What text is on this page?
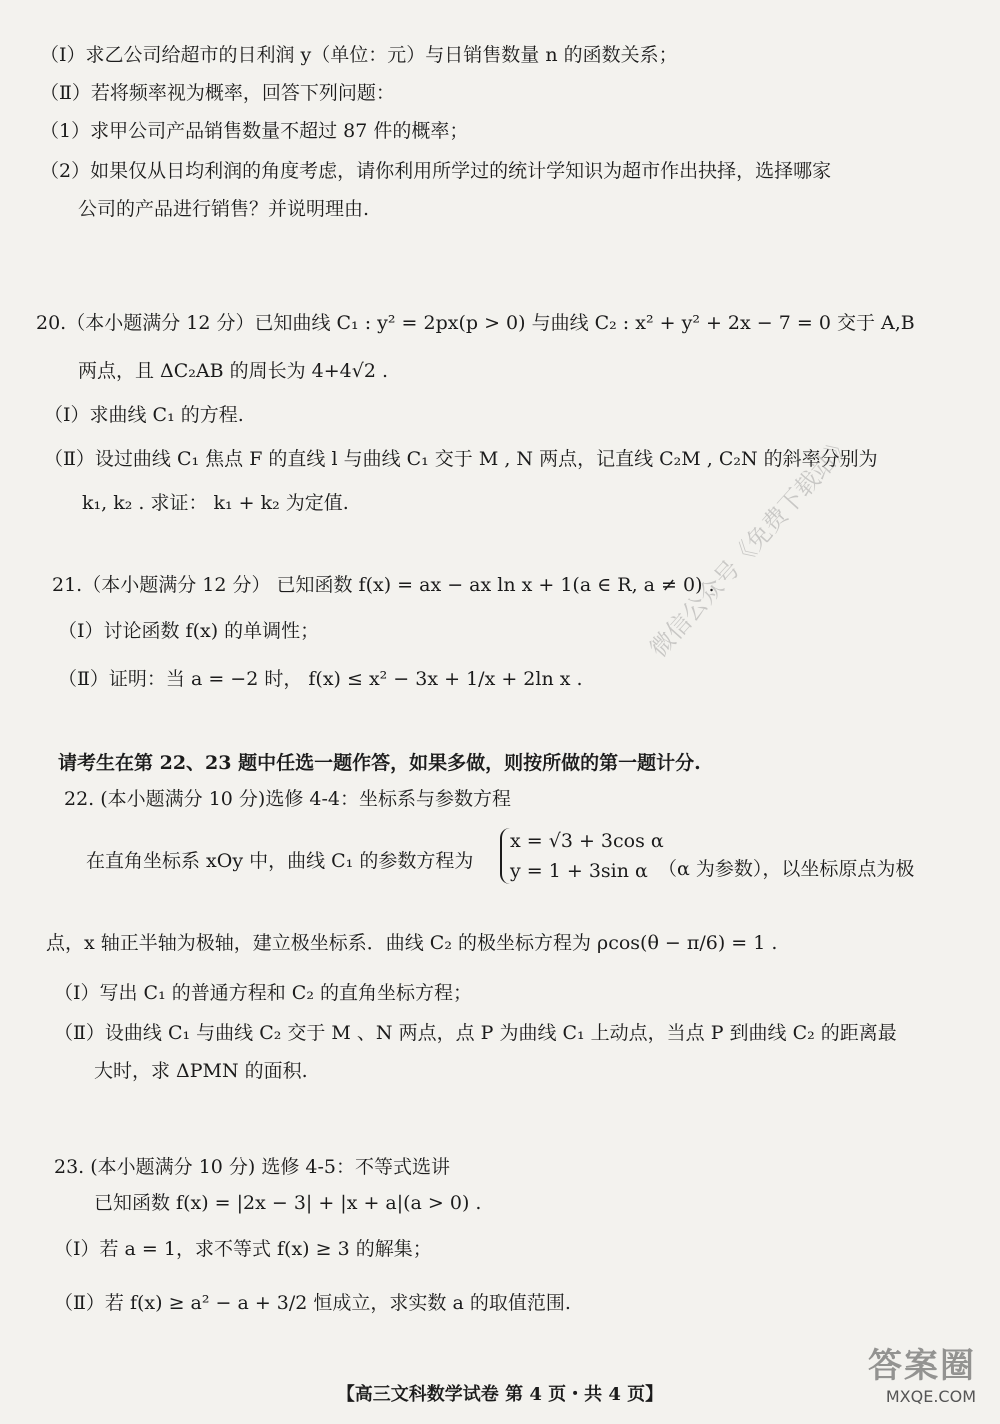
（Ⅰ）求乙公司给超市的日利润 y（单位：元）与日销售数量 n 的函数关系；
（Ⅱ）若将频率视为概率，回答下列问题：
（1）求甲公司产品销售数量不超过 87 件的概率；
（2）如果仅从日均利润的角度考虑，请你利用所学过的统计学知识为超市作出抉择，选择哪家
公司的产品进行销售？并说明理由.
20.（本小题满分 12 分）已知曲线 C₁ : y² = 2px(p > 0) 与曲线 C₂ : x² + y² + 2x − 7 = 0 交于 A,B
两点，且 ΔC₂AB 的周长为 4+4√2 .
（Ⅰ）求曲线 C₁ 的方程.
（Ⅱ）设过曲线 C₁ 焦点 F 的直线 l 与曲线 C₁ 交于 M , N 两点，记直线 C₂M , C₂N 的斜率分别为
k₁, k₂ . 求证： k₁ + k₂ 为定值.
21.（本小题满分 12 分） 已知函数 f(x) = ax − ax ln x + 1(a ∈ R, a ≠ 0) .
（Ⅰ）讨论函数 f(x) 的单调性；
（Ⅱ）证明：当 a = −2 时， f(x) ≤ x² − 3x + 1/x + 2ln x .
请考生在第 22、23 题中任选一题作答，如果多做，则按所做的第一题计分.
22. (本小题满分 10 分)选修 4-4：坐标系与参数方程
在直角坐标系 xOy 中，曲线 C₁ 的参数方程为
x = √3 + 3cos α
y = 1 + 3sin α （α 为参数），以坐标原点为极
点，x 轴正半轴为极轴，建立极坐标系．曲线 C₂ 的极坐标方程为 ρcos(θ − π/6) = 1 .
（Ⅰ）写出 C₁ 的普通方程和 C₂ 的直角坐标方程；
（Ⅱ）设曲线 C₁ 与曲线 C₂ 交于 M 、N 两点，点 P 为曲线 C₁ 上动点，当点 P 到曲线 C₂ 的距离最
大时，求 ΔPMN 的面积.
23. (本小题满分 10 分) 选修 4-5：不等式选讲
已知函数 f(x) = |2x − 3| + |x + a|(a > 0) .
（Ⅰ）若 a = 1，求不等式 f(x) ≥ 3 的解集；
（Ⅱ）若 f(x) ≥ a² − a + 3/2 恒成立，求实数 a 的取值范围.
微信公众号《免费下载站》
【高三文科数学试卷 第 4 页・共 4 页】
答案圈
MXQE.COM
